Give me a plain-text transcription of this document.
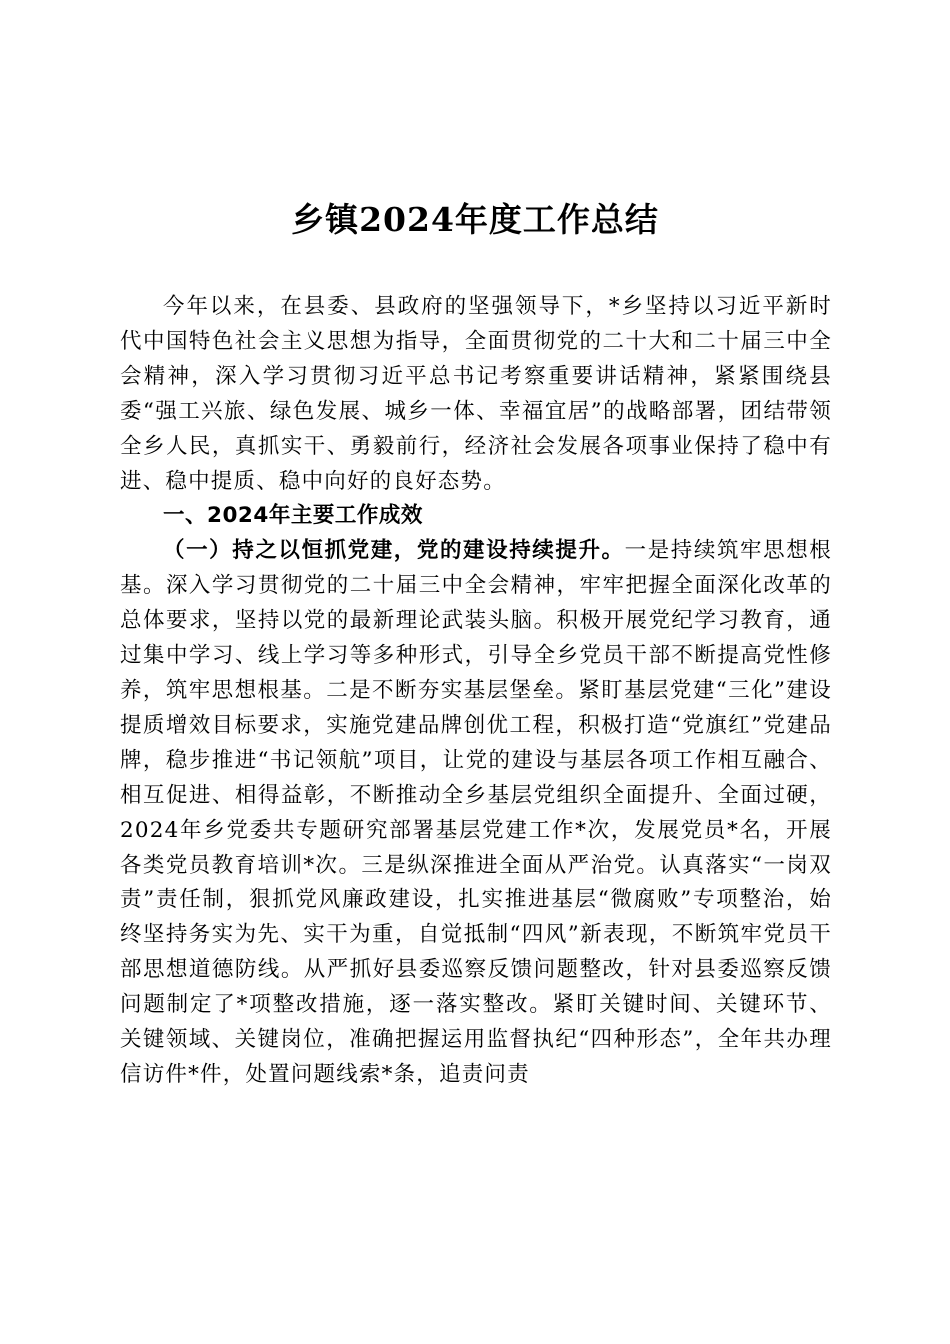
乡镇2024年度工作总结

今年以来，在县委、县政府的坚强领导下，*乡坚持以习近平新时代中国特色社会主义思想为指导，全面贯彻党的二十大和二十届三中全会精神，深入学习贯彻习近平总书记考察重要讲话精神，紧紧围绕县委“强工兴旅、绿色发展、城乡一体、幸福宜居”的战略部署，团结带领全乡人民，真抓实干、勇毅前行，经济社会发展各项事业保持了稳中有进、稳中提质、稳中向好的良好态势。

一、2024年主要工作成效

（一）持之以恒抓党建，党的建设持续提升。一是持续筑牢思想根基。深入学习贯彻党的二十届三中全会精神，牢牢把握全面深化改革的总体要求，坚持以党的最新理论武装头脑。积极开展党纪学习教育，通过集中学习、线上学习等多种形式，引导全乡党员干部不断提高党性修养，筑牢思想根基。二是不断夯实基层堡垒。紧盯基层党建“三化”建设提质增效目标要求，实施党建品牌创优工程，积极打造“党旗红”党建品牌，稳步推进“书记领航”项目，让党的建设与基层各项工作相互融合、相互促进、相得益彰，不断推动全乡基层党组织全面提升、全面过硬，2024年乡党委共专题研究部署基层党建工作*次，发展党员*名，开展各类党员教育培训*次。三是纵深推进全面从严治党。认真落实“一岗双责”责任制，狠抓党风廉政建设，扎实推进基层“微腐败”专项整治，始终坚持务实为先、实干为重，自觉抵制“四风”新表现，不断筑牢党员干部思想道德防线。从严抓好县委巡察反馈问题整改，针对县委巡察反馈问题制定了*项整改措施，逐一落实整改。紧盯关键时间、关键环节、关键领域、关键岗位，准确把握运用监督执纪“四种形态”，全年共办理信访件*件，处置问题线索*条，追责问责
